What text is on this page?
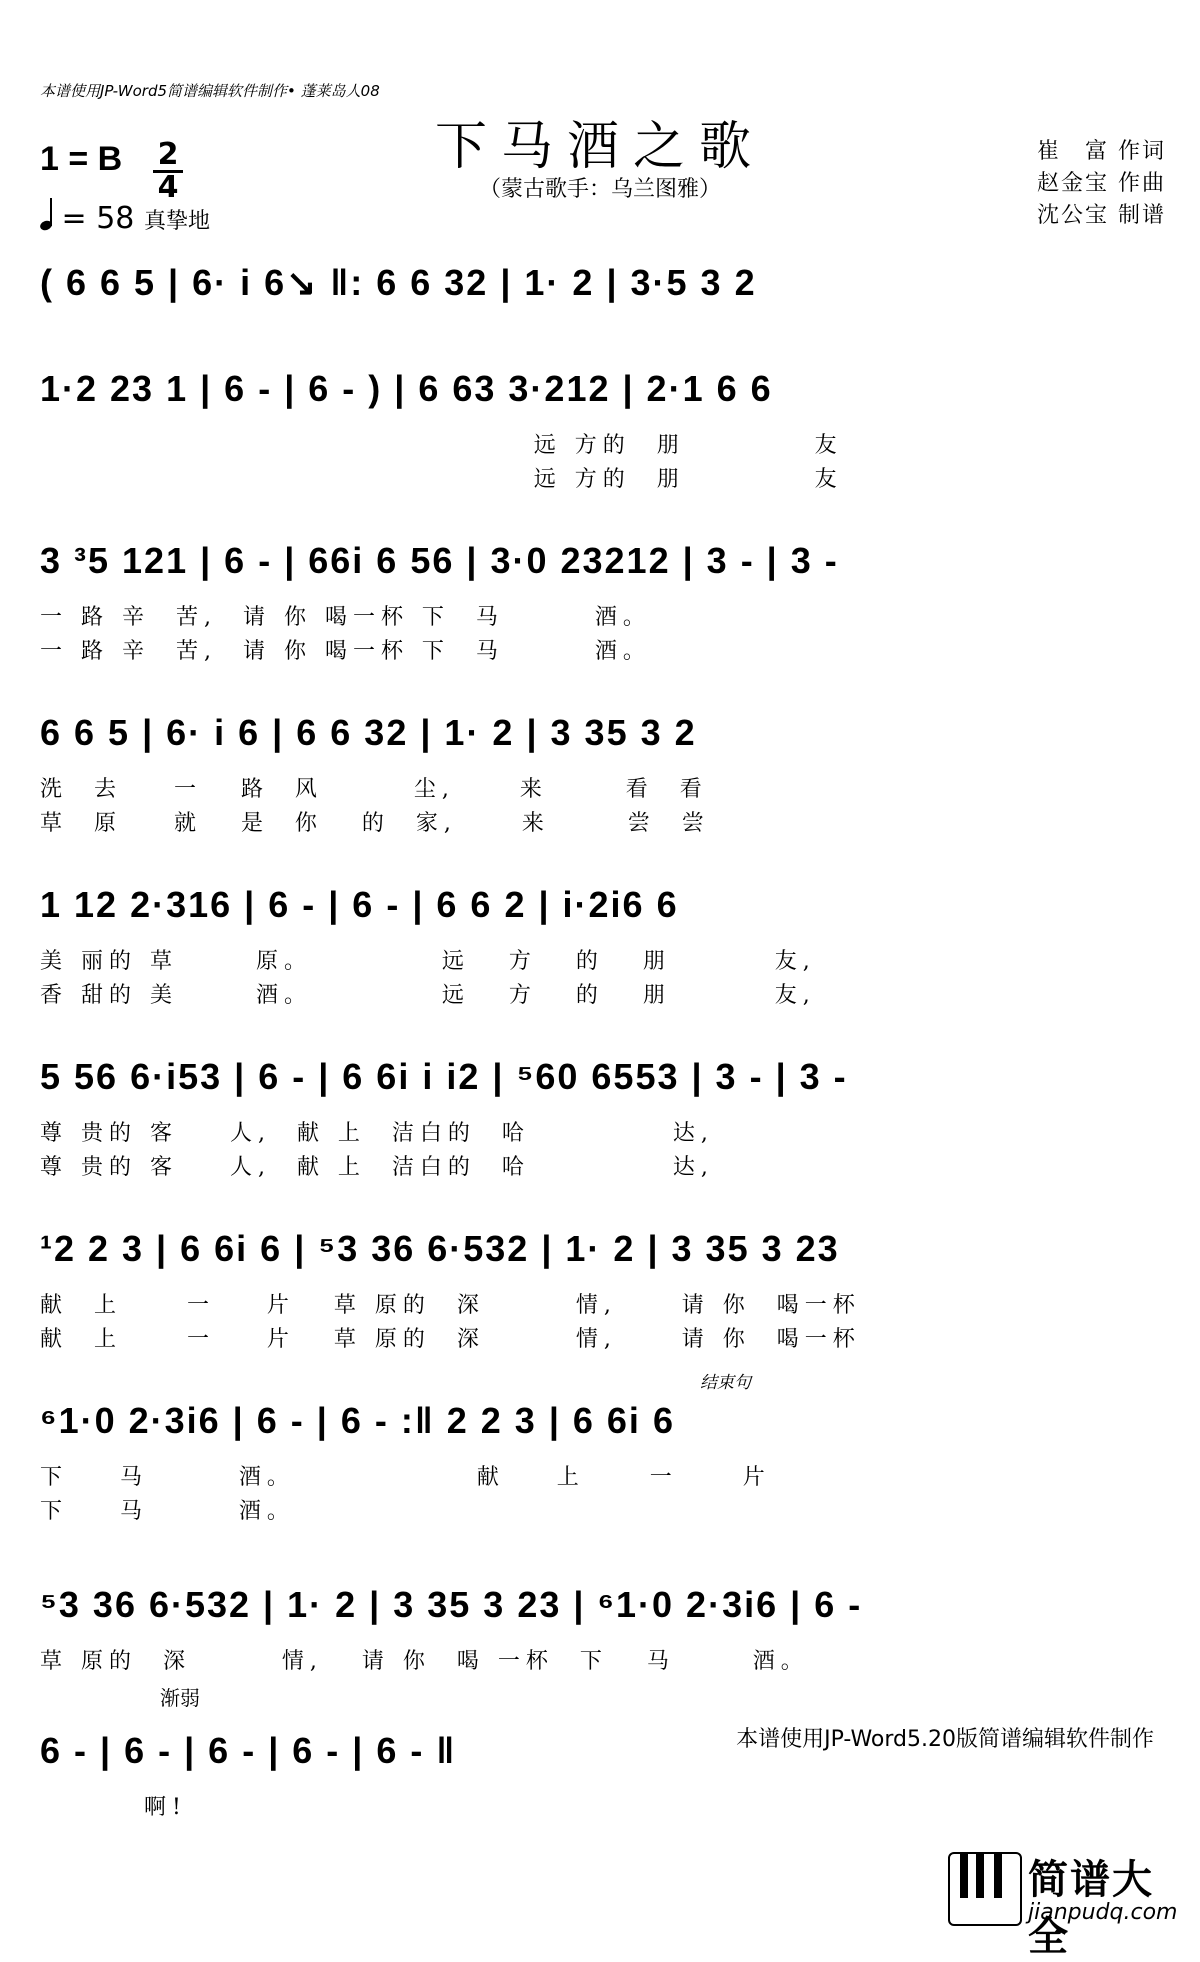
本谱使用JP-Word5简谱编辑软件制作• 蓬莱岛人08
下马酒之歌
（蒙古歌手：乌兰图雅）
崔　富 作词
赵金宝 作曲
沈公宝 制谱
1 = B 2
4
= 58 真挚地
( 6 6 5 | 6· i 6↘ ‖: 6 6 32 | 1· 2 | 3·5 3 2
1·2 23 1 | 6 - | 6 - ) | 6 63 3·212 | 2·1 6 6
远 方的  朋          友
远 方的  朋          友
3 ³5 121 | 6 - | 66i 6 56 | 3·0 23212 | 3 - | 3 -
一 路 辛  苦,  请 你 喝一杯 下  马       酒。
一 路 辛  苦,  请 你 喝一杯 下  马       酒。
6 6 5 | 6· i 6 | 6 6 32 | 1· 2 | 3 35 3 2
洗  去    一   路  风       尘,     来      看  看
草  原    就   是  你   的  家,     来      尝  尝
1 12 2·316 | 6 - | 6 - | 6 6 2 | i·2i6 6
美 丽的 草      原。          远   方   的   朋        友,
香 甜的 美      酒。          远   方   的   朋        友,
5 56 6·i53 | 6 - | 6 6i i i2 | ⁵60 6553 | 3 - | 3 -
尊 贵的 客    人,  献 上  洁白的  哈           达,
尊 贵的 客    人,  献 上  洁白的  哈           达,
¹2 2 3 | 6 6i 6 | ⁵3 36 6·532 | 1· 2 | 3 35 3 23
献  上     一    片   草 原的  深       情,     请 你  喝一杯
献  上     一    片   草 原的  深       情,     请 你  喝一杯
⁶1·0 2·3i6 | 6 - | 6 - :‖ 2 2 3 | 6 6i 6
下    马       酒。              献    上     一     片
下    马       酒。
⁵3 36 6·532 | 1· 2 | 3 35 3 23 | ⁶1·0 2·3i6 | 6 -
草 原的  深       情,   请 你  喝 一杯  下   马      酒。
6 - | 6 - | 6 - | 6 - | 6 - ‖
啊!
结束句
渐弱
本谱使用JP-Word5.20版简谱编辑软件制作
简谱大全
jianpudq.com
